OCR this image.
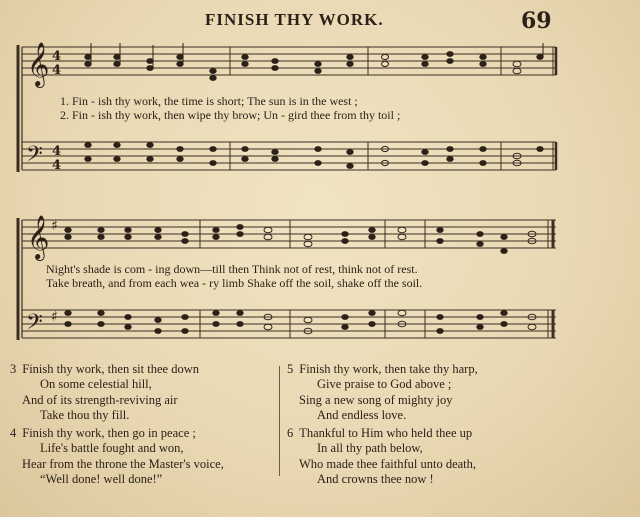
FINISH THY WORK.	69
𝄞
𝄞
𝄢
𝄢
4
4
4
4
♯
♯
1. Fin - ish thy work, the time is short; The sun is in the west ;
2. Fin - ish thy work, then wipe thy brow; Un - gird thee from thy toil ;
Night's shade is com - ing down—till then Think not of rest, think not of rest.
Take breath, and from each wea - ry limb Shake off the soil, shake off the soil.
3 Finish thy work, then sit thee down
On some celestial hill,
And of its strength-reviving air
Take thou thy fill.
4 Finish thy work, then go in peace ;
Life's battle fought and won,
Hear from the throne the Master's voice,
“Well done! well done!”
5 Finish thy work, then take thy harp,
Give praise to God above ;
Sing a new song of mighty joy
And endless love.
6 Thankful to Him who held thee up
In all thy path below,
Who made thee faithful unto death,
And crowns thee now !
